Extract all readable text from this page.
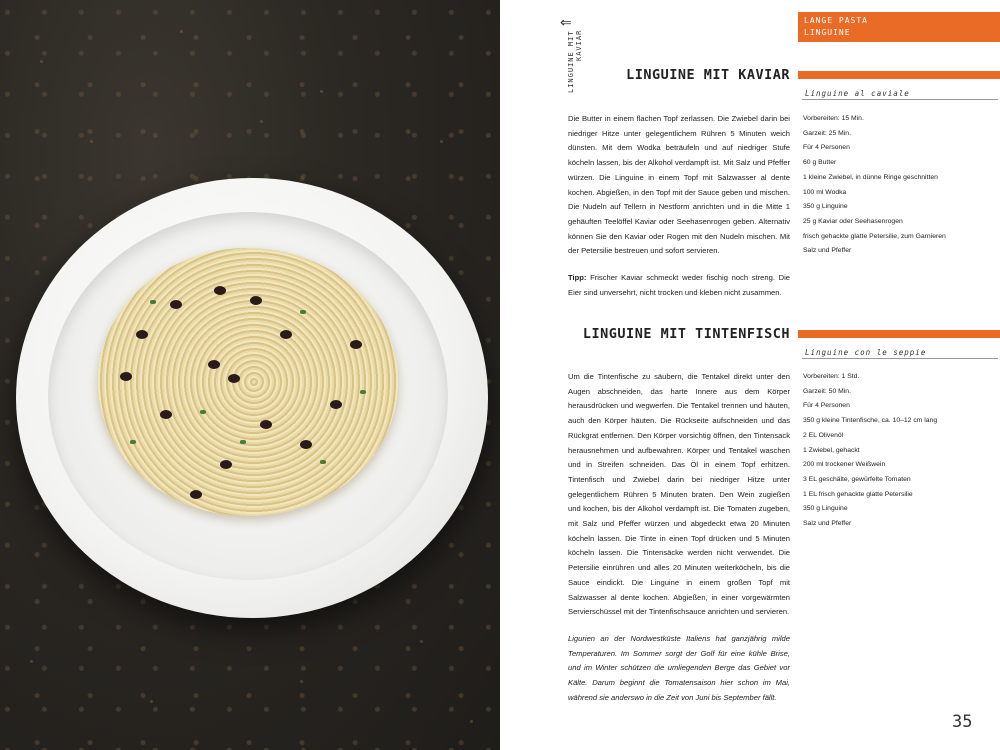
⇐
LINGUINE MIT KAVIAR
LANGE PASTA
LINGUINE
LINGUINE MIT KAVIAR
Linguine al caviale

Die Butter in einem flachen Topf zerlassen. Die Zwiebel darin bei niedriger Hitze unter gelegentlichem Rühren 5 Minuten weich dünsten. Mit dem Wodka beträufeln und auf niedriger Stufe köcheln lassen, bis der Alkohol verdampft ist. Mit Salz und Pfeffer würzen. Die Linguine in einem Topf mit Salzwasser al dente kochen. Abgießen, in den Topf mit der Sauce geben und mischen. Die Nudeln auf Tellern in Nestform anrichten und in die Mitte 1 gehäuften Teelöffel Kaviar oder Seehasenrogen geben. Alternativ können Sie den Kaviar oder Rogen mit den Nudeln mischen. Mit der Petersilie bestreuen und sofort servieren.

Tipp: Frischer Kaviar schmeckt weder fischig noch streng. Die Eier sind unversehrt, nicht trocken und kleben nicht zusammen.

Vorbereiten: 15 Min.
Garzeit: 25 Min.
Für 4 Personen
60 g Butter
1 kleine Zwiebel, in dünne Ringe geschnitten
100 ml Wodka
350 g Linguine
25 g Kaviar oder Seehasenrogen
frisch gehackte glatte Petersilie, zum Garnieren
Salz und Pfeffer
LINGUINE MIT TINTENFISCH
Linguine con le seppie

Um die Tintenfische zu säubern, die Tentakel direkt unter den Augen abschneiden, das harte Innere aus dem Körper herausdrücken und wegwerfen. Die Tentakel trennen und häuten, auch den Körper häuten. Die Rückseite aufschneiden und das Rückgrat entfernen. Den Körper vorsichtig öffnen, den Tintensack herausnehmen und aufbewahren. Körper und Tentakel waschen und in Streifen schneiden. Das Öl in einem Topf erhitzen. Tintenfisch und Zwiebel darin bei niedriger Hitze unter gelegentlichem Rühren 5 Minuten braten. Den Wein zugießen und kochen, bis der Alkohol verdampft ist. Die Tomaten zugeben, mit Salz und Pfeffer würzen und abgedeckt etwa 20 Minuten köcheln lassen. Die Tinte in einen Topf drücken und 5 Minuten köcheln lassen. Die Tintensäcke werden nicht verwendet. Die Petersilie einrühren und alles 20 Minuten weiterköcheln, bis die Sauce eindickt. Die Linguine in einem großen Topf mit Salzwasser al dente kochen. Abgießen, in einer vorgewärmten Servierschüssel mit der Tintenfischsauce anrichten und servieren.

Ligurien an der Nordwestküste Italiens hat ganzjährig milde Temperaturen. Im Sommer sorgt der Golf für eine kühle Brise, und im Winter schützen die umliegenden Berge das Gebiet vor Kälte. Darum beginnt die Tomatensaison hier schon im Mai, während sie anderswo in die Zeit von Juni bis September fällt.

Vorbereiten: 1 Std.
Garzeit: 50 Min.
Für 4 Personen
350 g kleine Tintenfische, ca. 10–12 cm lang
2 EL Olivenöl
1 Zwiebel, gehackt
200 ml trockener Weißwein
3 EL geschälte, gewürfelte Tomaten
1 EL frisch gehackte glatte Petersilie
350 g Linguine
Salz und Pfeffer
35
